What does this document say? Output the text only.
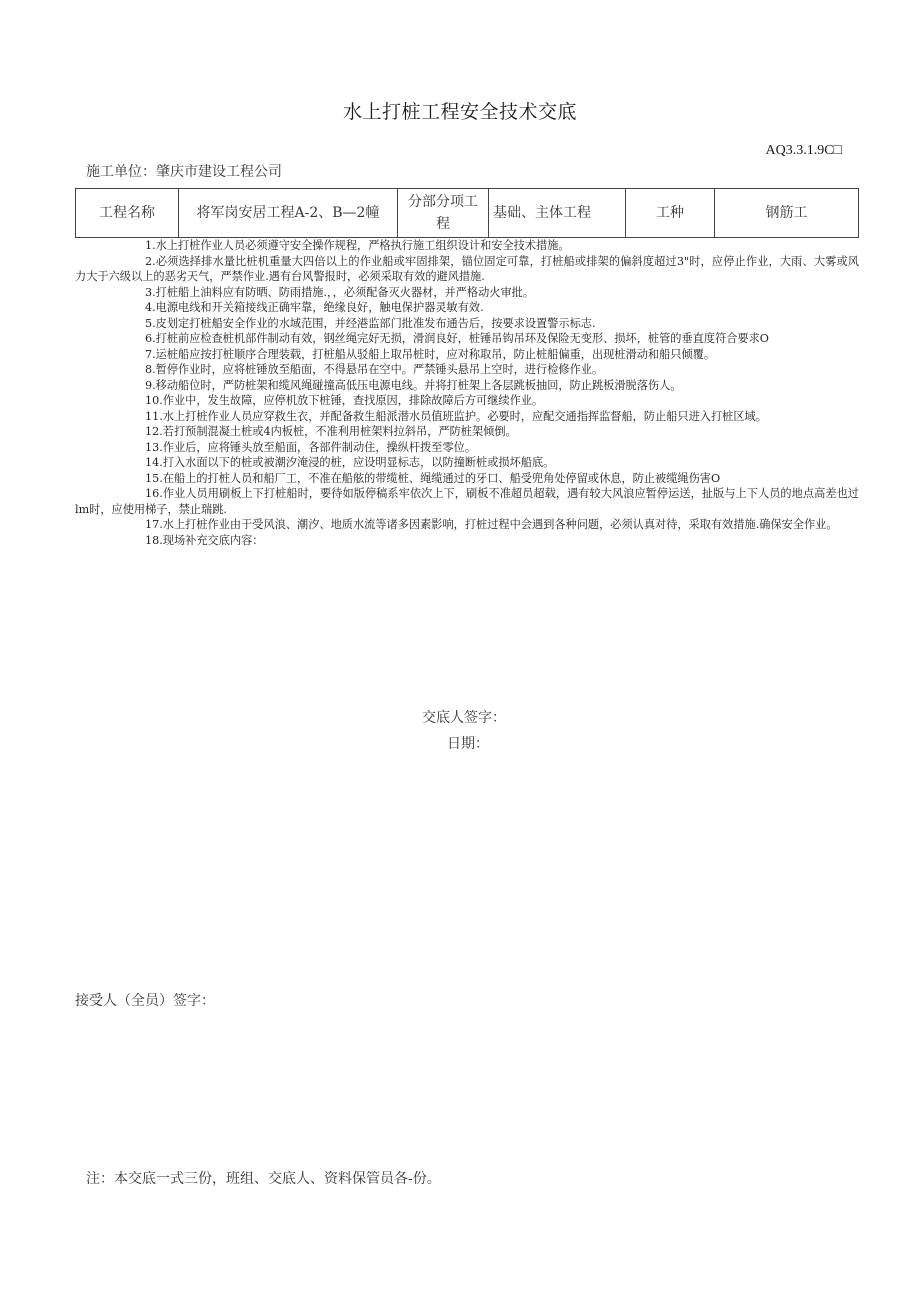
水上打桩工程安全技术交底
AQ3.3.1.9C□
施工单位：肇庆市建设工程公司
工程名称	将军岗安居工程A-2、B—2幢	分部分项工程	基础、主体工程	工种	钢筋工

1.水上打桩作业人员必须遵守安全操作规程，严格执行施工组织设计和安全技术措施。

2.必须选择排水量比桩机重量大四倍以上的作业船或牢固排架，锚位固定可靠，打桩船或排架的偏斜度超过3"时，应停止作业，大雨、大雾或风力大于六级以上的恶劣天气，严禁作业.遇有台风警报时，必须采取有效的避风措施.

3.打桩船上油料应有防晒、防雨措施.，，必须配备灭火器材，并严格动火审批。

4.电源电线和开关箱接线正确牢靠，绝缘良好，触电保护器灵敏有效.

5.皮划定打桩船安全作业的水域范围，并经港监部门批准发布通告后，按要求设置警示标志.

6.打桩前应检查桩机部件制动有效，钢丝绳完好无损，滑润良好，桩锤吊钩吊环及保险无变形、损坏，桩管的垂直度符合要求O

7.运桩船应按打桩顺序合理装载，打桩船从驳船上取吊桩时，应对称取吊，防止桩船偏重，出现桩滑动和船只倾覆。

8.暂停作业时，应将桩锤放至船面，不得悬吊在空中。严禁锤头悬吊上空时，进行检修作业。

9.移动船位时，严防桩架和缆风绳碰撞高低压电源电线。并将打桩架上各层跳板抽回，防止跳板滑脱落伤人。

10.作业中，发生故障，应停机放下桩锤，查找原因，排除故障后方可继续作业。

11.水上打桩作业人员应穿救生衣，并配备救生船派潜水员值班监护。必要时，应配交通指挥监督船，防止船只进入打桩区域。

12.若打预制混凝土桩或4内板桩，不准利用桩架料拉斜吊，严防桩架倾倒。

13.作业后，应将锤头放至船面，各部件制动住，操纵杆拨至零位。

14.打入水面以下的桩或被潮汐淹浸的桩，应设明显标志，以防撞断桩或损坏船底。

15.在船上的打桩人员和船厂工，不准在船舷的带缆桩、绳缆通过的牙口、船受兜角处停留或休息，防止被缆绳伤害O

16.作业人员用刷板上下打桩船时，要待如版停稿系牢依次上下，刷板不准超员超载，遇有较大风浪应暂停运送，扯版与上下人员的地点高差也过lm时，应使用梯子，禁止瑞跳.

17.水上打桩作业由于受风浪、潮汐、地质水流等诸多因素影响，打桩过程中会遇到各种问题，必须认真对待，采取有效措施.确保安全作业。

18.现场补充交底内容：

交底人签字：
日期：
接受人（全员）签字：
注：本交底一式三份，班组、交底人、资料保管员各-份。
